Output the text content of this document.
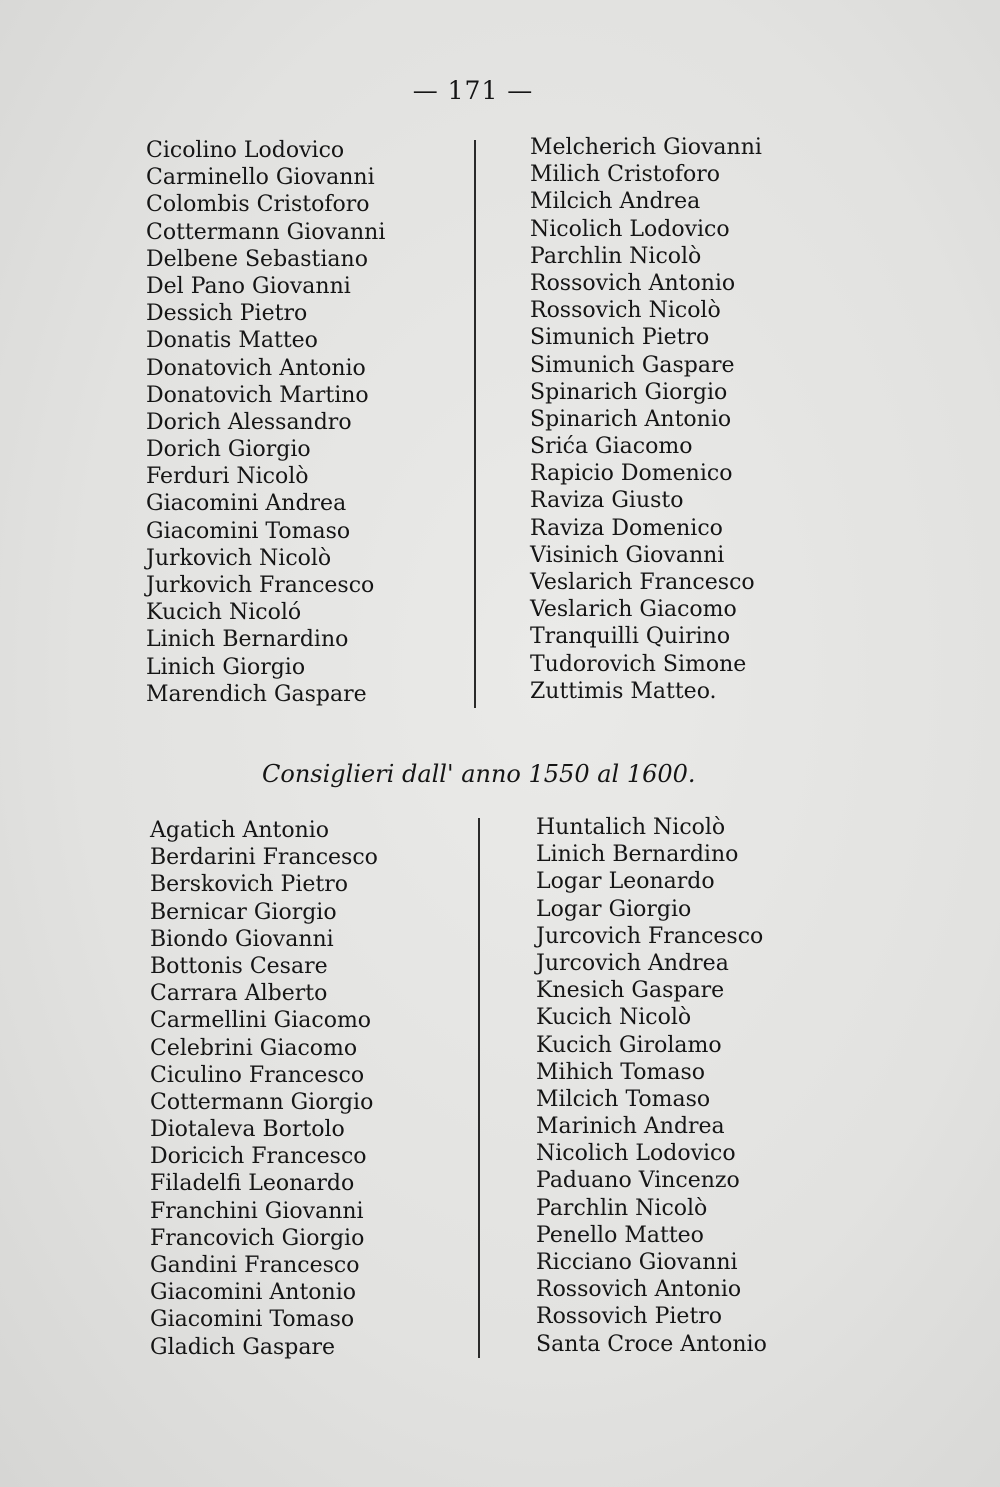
— 171 —
Cicolino Lodovico
Carminello Giovanni
Colombis Cristoforo
Cottermann Giovanni
Delbene Sebastiano
Del Pano Giovanni
Dessich Pietro
Donatis Matteo
Donatovich Antonio
Donatovich Martino
Dorich Alessandro
Dorich Giorgio
Ferduri Nicolò
Giacomini Andrea
Giacomini Tomaso
Jurkovich Nicolò
Jurkovich Francesco
Kucich Nicoló
Linich Bernardino
Linich Giorgio
Marendich Gaspare
Melcherich Giovanni
Milich Cristoforo
Milcich Andrea
Nicolich Lodovico
Parchlin Nicolò
Rossovich Antonio
Rossovich Nicolò
Simunich Pietro
Simunich Gaspare
Spinarich Giorgio
Spinarich Antonio
Srića Giacomo
Rapicio Domenico
Raviza Giusto
Raviza Domenico
Visinich Giovanni
Veslarich Francesco
Veslarich Giacomo
Tranquilli Quirino
Tudorovich Simone
Zuttimis Matteo.
Consiglieri dall' anno 1550 al 1600.
Agatich Antonio
Berdarini Francesco
Berskovich Pietro
Bernicar Giorgio
Biondo Giovanni
Bottonis Cesare
Carrara Alberto
Carmellini Giacomo
Celebrini Giacomo
Ciculino Francesco
Cottermann Giorgio
Diotaleva Bortolo
Doricich Francesco
Filadelfi Leonardo
Franchini Giovanni
Francovich Giorgio
Gandini Francesco
Giacomini Antonio
Giacomini Tomaso
Gladich Gaspare
Huntalich Nicolò
Linich Bernardino
Logar Leonardo
Logar Giorgio
Jurcovich Francesco
Jurcovich Andrea
Knesich Gaspare
Kucich Nicolò
Kucich Girolamo
Mihich Tomaso
Milcich Tomaso
Marinich Andrea
Nicolich Lodovico
Paduano Vincenzo
Parchlin Nicolò
Penello Matteo
Ricciano Giovanni
Rossovich Antonio
Rossovich Pietro
Santa Croce Antonio
